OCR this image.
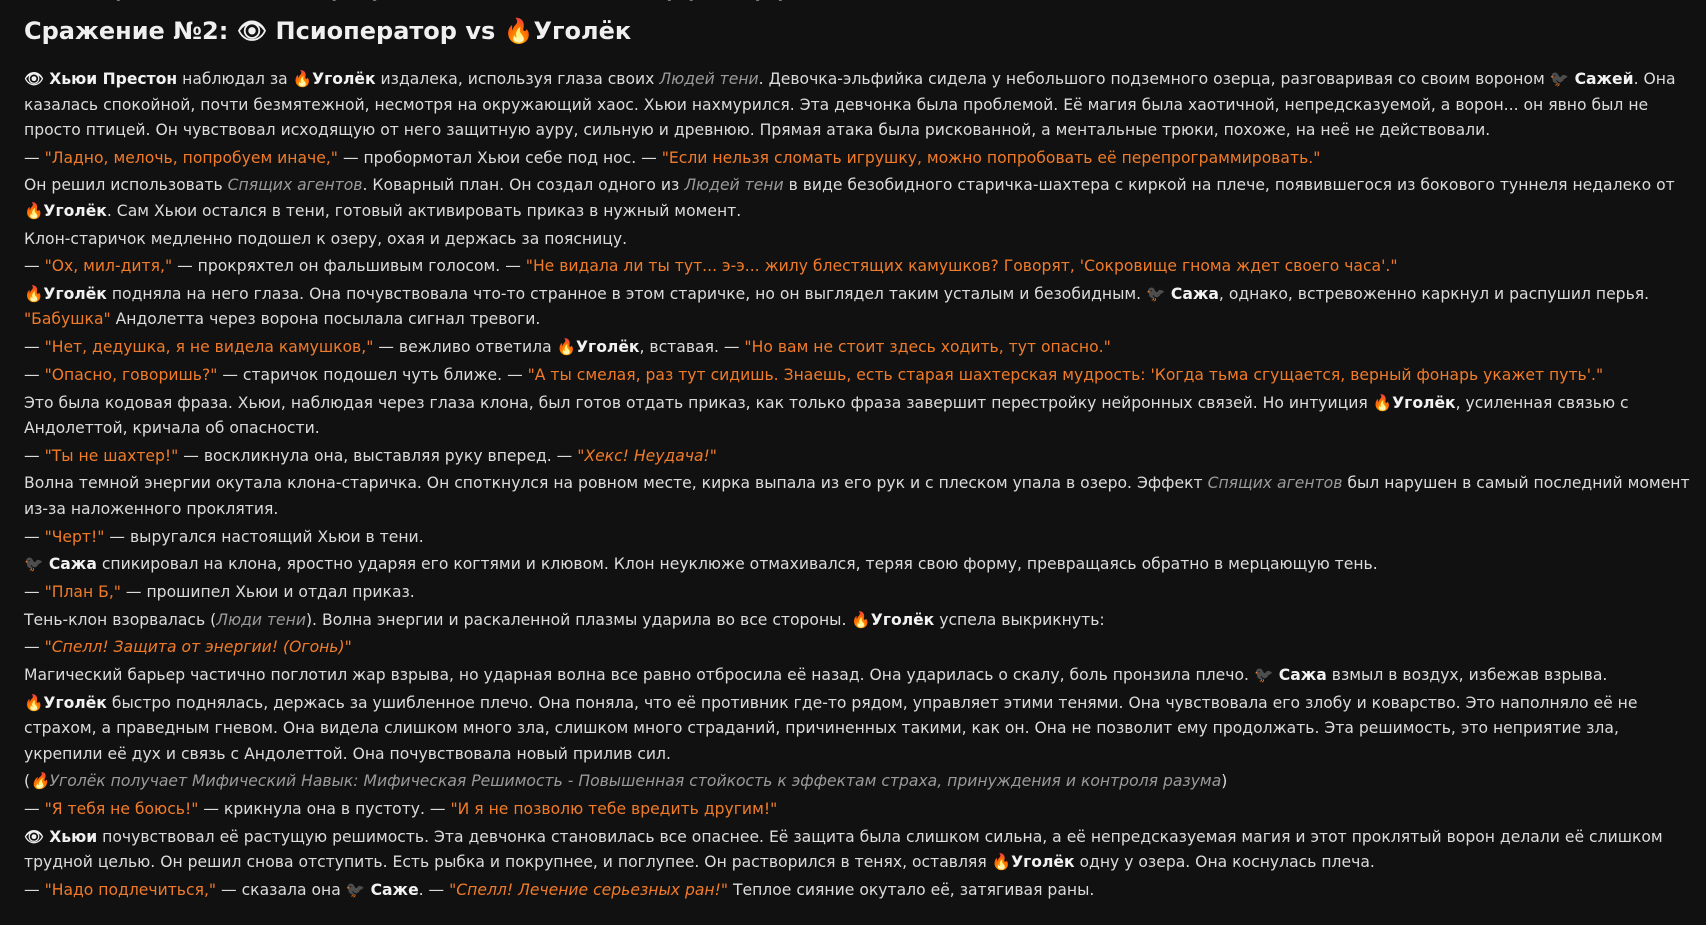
Сражение №2: 👁 Псиоператор vs 🔥Уголёк

👁 Хьюи Престон наблюдал за 🔥Уголёк издалека, используя глаза своих Людей тени. Девочка-эльфийка сидела у небольшого подземного озерца, разговаривая со своим вороном 🐦‍⬛ Сажей. Она казалась спокойной, почти безмятежной, несмотря на окружающий хаос. Хьюи нахмурился. Эта девчонка была проблемой. Её магия была хаотичной, непредсказуемой, а ворон... он явно был не просто птицей. Он чувствовал исходящую от него защитную ауру, сильную и древнюю. Прямая атака была рискованной, а ментальные трюки, похоже, на неё не действовали.

— "Ладно, мелочь, попробуем иначе," — пробормотал Хьюи себе под нос. — "Если нельзя сломать игрушку, можно попробовать её перепрограммировать."

Он решил использовать Спящих агентов. Коварный план. Он создал одного из Людей тени в виде безобидного старичка-шахтера с киркой на плече, появившегося из бокового туннеля недалеко от 🔥Уголёк. Сам Хьюи остался в тени, готовый активировать приказ в нужный момент.

Клон-старичок медленно подошел к озеру, охая и держась за поясницу.

— "Ох, мил-дитя," — прокряхтел он фальшивым голосом. — "Не видала ли ты тут... э-э... жилу блестящих камушков? Говорят, 'Сокровище гнома ждет своего часа'."

🔥Уголёк подняла на него глаза. Она почувствовала что-то странное в этом старичке, но он выглядел таким усталым и безобидным. 🐦‍⬛ Сажа, однако, встревоженно каркнул и распушил перья. "Бабушка" Андолетта через ворона посылала сигнал тревоги.

— "Нет, дедушка, я не видела камушков," — вежливо ответила 🔥Уголёк, вставая. — "Но вам не стоит здесь ходить, тут опасно."

— "Опасно, говоришь?" — старичок подошел чуть ближе. — "А ты смелая, раз тут сидишь. Знаешь, есть старая шахтерская мудрость: 'Когда тьма сгущается, верный фонарь укажет путь'."

Это была кодовая фраза. Хьюи, наблюдая через глаза клона, был готов отдать приказ, как только фраза завершит перестройку нейронных связей. Но интуиция 🔥Уголёк, усиленная связью с Андолеттой, кричала об опасности.

— "Ты не шахтер!" — воскликнула она, выставляя руку вперед. — "Хекс! Неудача!"

Волна темной энергии окутала клона-старичка. Он споткнулся на ровном месте, кирка выпала из его рук и с плеском упала в озеро. Эффект Спящих агентов был нарушен в самый последний момент из-за наложенного проклятия.

— "Черт!" — выругался настоящий Хьюи в тени.

🐦‍⬛ Сажа спикировал на клона, яростно ударяя его когтями и клювом. Клон неуклюже отмахивался, теряя свою форму, превращаясь обратно в мерцающую тень.

— "План Б," — прошипел Хьюи и отдал приказ.

Тень-клон взорвалась (Люди тени). Волна энергии и раскаленной плазмы ударила во все стороны. 🔥Уголёк успела выкрикнуть:

— "Спелл! Защита от энергии! (Огонь)"

Магический барьер частично поглотил жар взрыва, но ударная волна все равно отбросила её назад. Она ударилась о скалу, боль пронзила плечо. 🐦‍⬛ Сажа взмыл в воздух, избежав взрыва.

🔥Уголёк быстро поднялась, держась за ушибленное плечо. Она поняла, что её противник где-то рядом, управляет этими тенями. Она чувствовала его злобу и коварство. Это наполняло её не страхом, а праведным гневом. Она видела слишком много зла, слишком много страданий, причиненных такими, как он. Она не позволит ему продолжать. Эта решимость, это неприятие зла, укрепили её дух и связь с Андолеттой. Она почувствовала новый прилив сил.

(🔥Уголёк получает Мифический Навык: Мифическая Решимость - Повышенная стойкость к эффектам страха, принуждения и контроля разума)

— "Я тебя не боюсь!" — крикнула она в пустоту. — "И я не позволю тебе вредить другим!"

👁 Хьюи почувствовал её растущую решимость. Эта девчонка становилась все опаснее. Её защита была слишком сильна, а её непредсказуемая магия и этот проклятый ворон делали её слишком трудной целью. Он решил снова отступить. Есть рыбка и покрупнее, и поглупее. Он растворился в тенях, оставляя 🔥Уголёк одну у озера. Она коснулась плеча.

— "Надо подлечиться," — сказала она 🐦‍⬛ Саже. — "Спелл! Лечение серьезных ран!" Теплое сияние окутало её, затягивая раны.
